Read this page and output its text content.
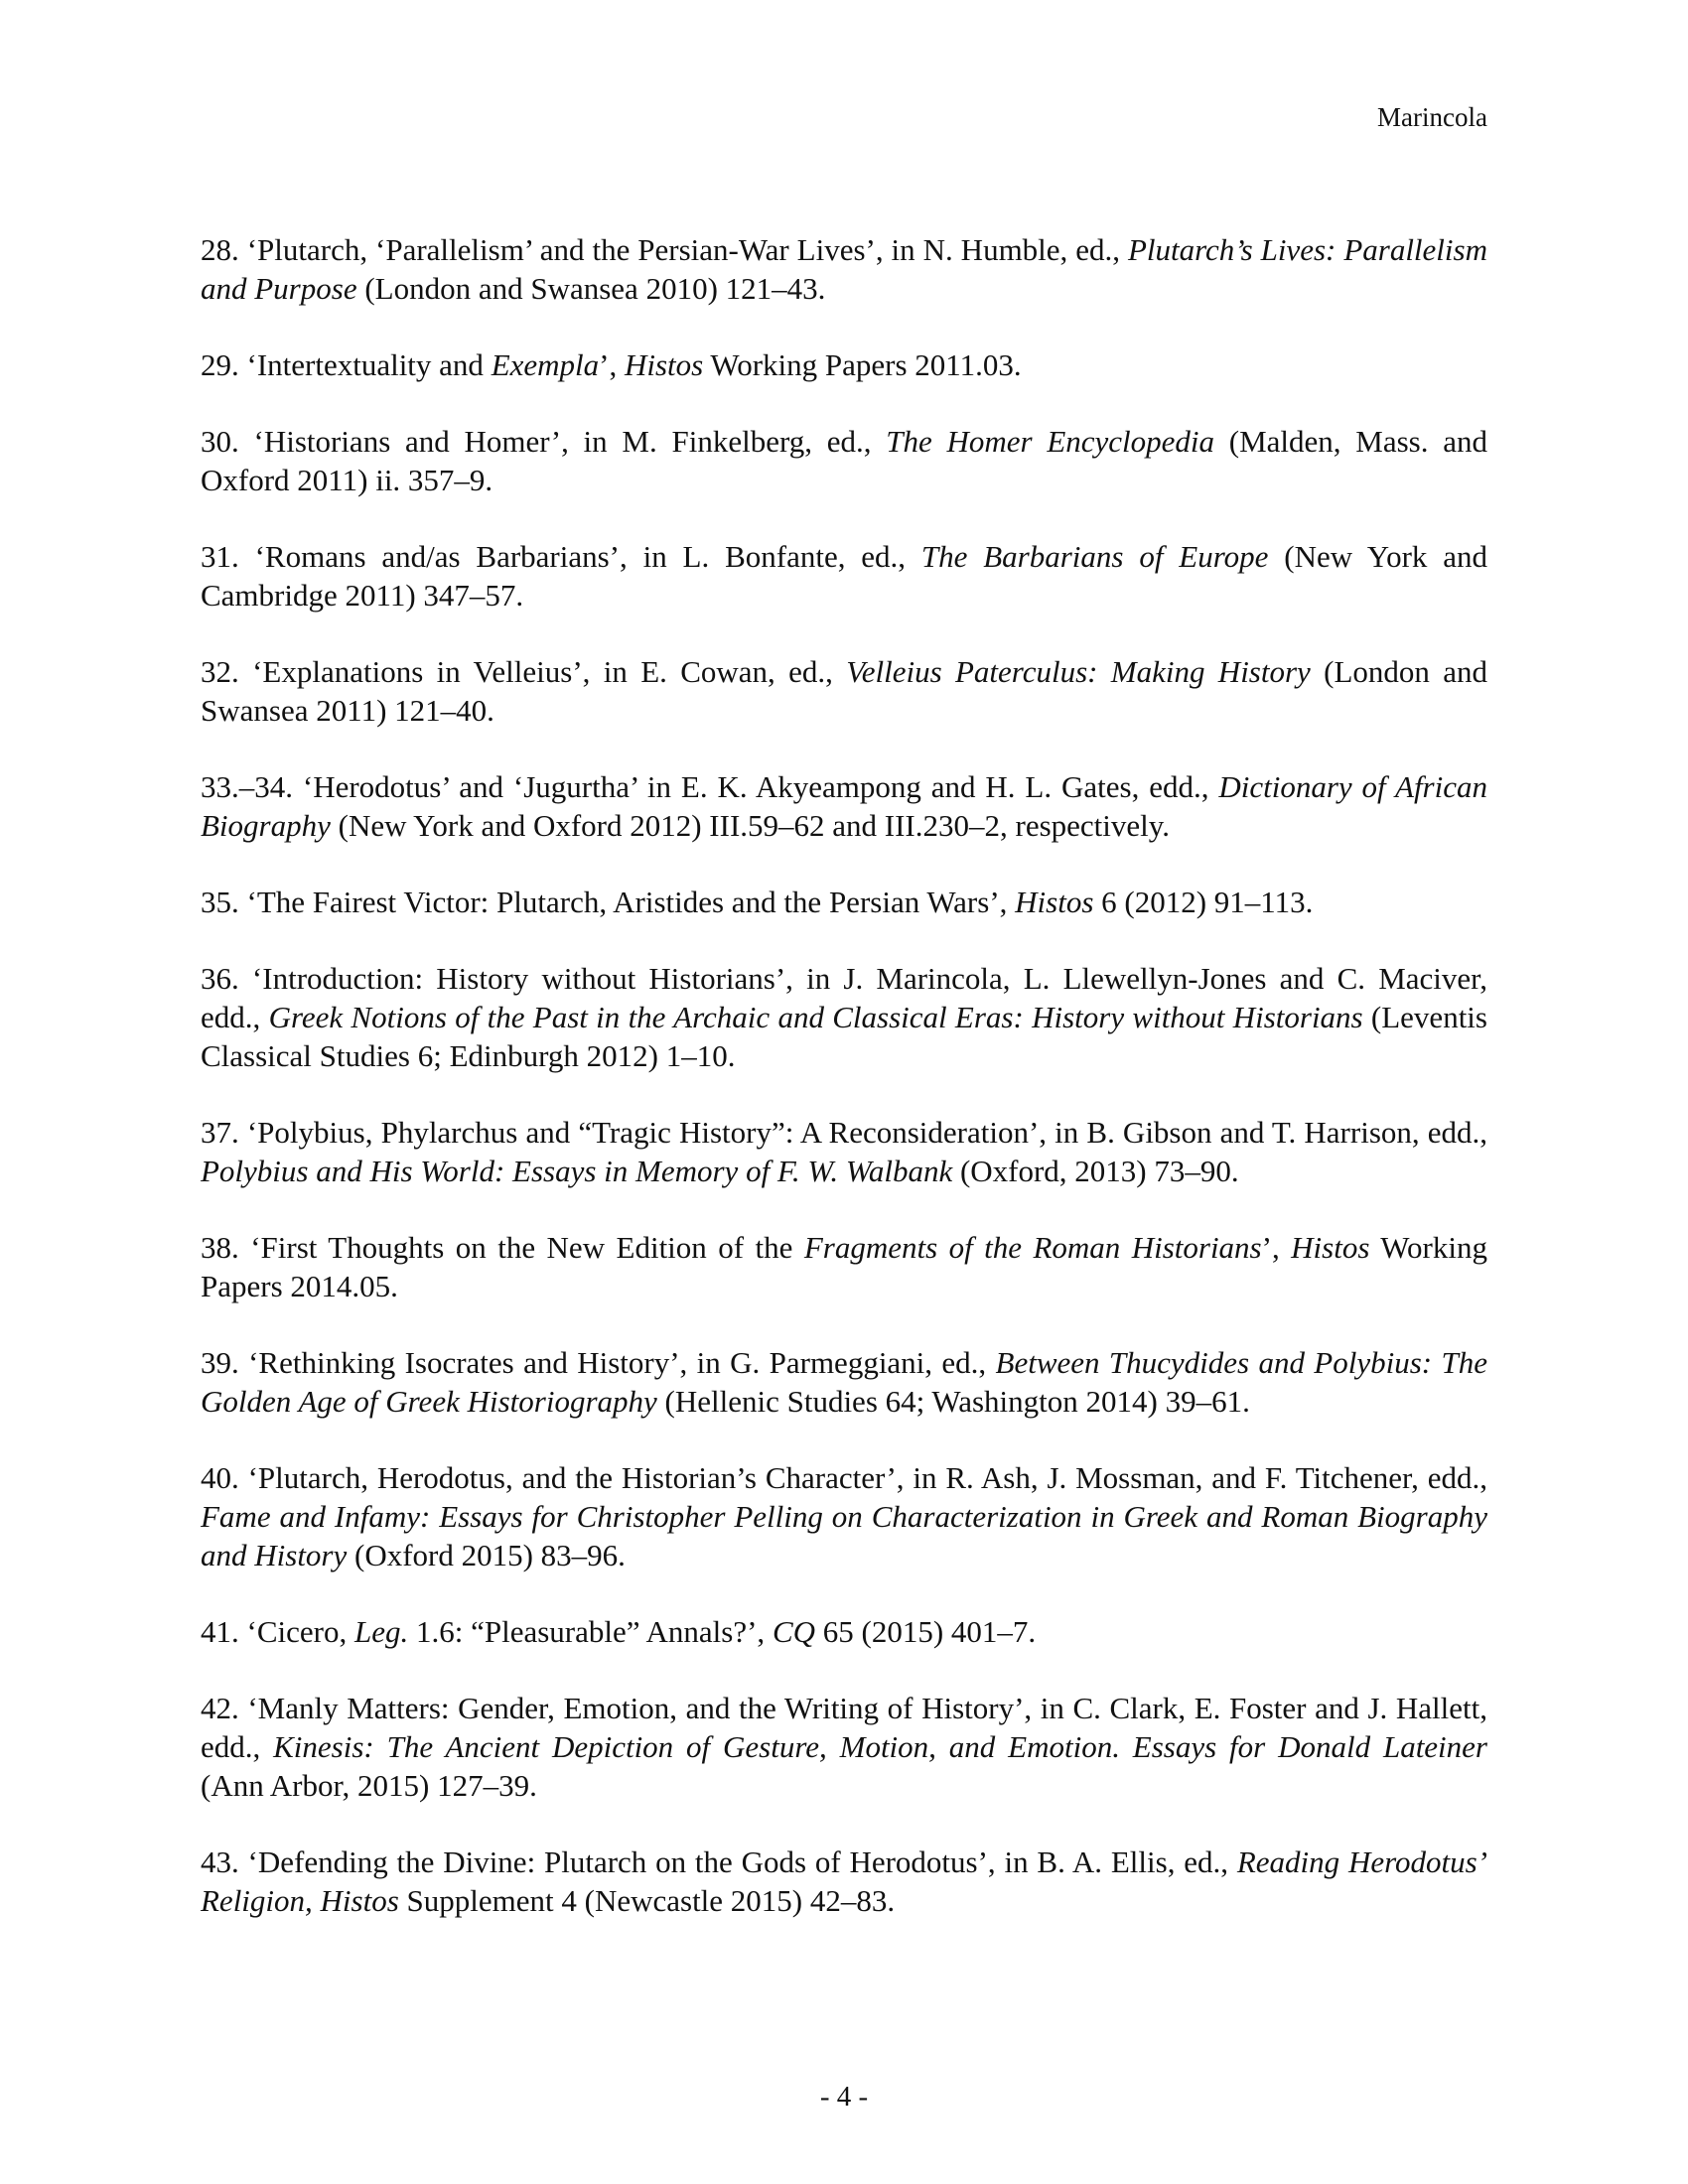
Marincola
28. ‘Plutarch, ‘Parallelism’ and the Persian-War Lives’, in N. Humble, ed., Plutarch’s Lives: Parallelism and Purpose (London and Swansea 2010) 121–43.
29. ‘Intertextuality and Exempla’, Histos Working Papers 2011.03.
30. ‘Historians and Homer’, in M. Finkelberg, ed., The Homer Encyclopedia (Malden, Mass. and Oxford 2011) ii. 357–9.
31. ‘Romans and/as Barbarians’, in L. Bonfante, ed., The Barbarians of Europe (New York and Cambridge 2011) 347–57.
32. ‘Explanations in Velleius’, in E. Cowan, ed., Velleius Paterculus: Making History (London and Swansea 2011) 121–40.
33.–34. ‘Herodotus’ and ‘Jugurtha’ in E. K. Akyeampong and H. L. Gates, edd., Dictionary of African Biography (New York and Oxford 2012) III.59–62 and III.230–2, respectively.
35. ‘The Fairest Victor: Plutarch, Aristides and the Persian Wars’, Histos 6 (2012) 91–113.
36. ‘Introduction: History without Historians’, in J. Marincola, L. Llewellyn-Jones and C. Maciver, edd., Greek Notions of the Past in the Archaic and Classical Eras: History without Historians (Leventis Classical Studies 6; Edinburgh 2012) 1–10.
37. ‘Polybius, Phylarchus and “Tragic History”: A Reconsideration’, in B. Gibson and T. Harrison, edd., Polybius and His World: Essays in Memory of F. W. Walbank (Oxford, 2013) 73–90.
38. ‘First Thoughts on the New Edition of the Fragments of the Roman Historians’, Histos Working Papers 2014.05.
39. ‘Rethinking Isocrates and History’, in G. Parmeggiani, ed., Between Thucydides and Polybius: The Golden Age of Greek Historiography (Hellenic Studies 64; Washington 2014) 39–61.
40. ‘Plutarch, Herodotus, and the Historian’s Character’, in R. Ash, J. Mossman, and F. Titchener, edd., Fame and Infamy: Essays for Christopher Pelling on Characterization in Greek and Roman Biography and History (Oxford 2015) 83–96.
41. ‘Cicero, Leg. 1.6: “Pleasurable” Annals?’, CQ 65 (2015) 401–7.
42. ‘Manly Matters: Gender, Emotion, and the Writing of History’, in C. Clark, E. Foster and J. Hallett, edd., Kinesis: The Ancient Depiction of Gesture, Motion, and Emotion. Essays for Donald Lateiner (Ann Arbor, 2015) 127–39.
43. ‘Defending the Divine: Plutarch on the Gods of Herodotus’, in B. A. Ellis, ed., Reading Herodotus’ Religion, Histos Supplement 4 (Newcastle 2015) 42–83.
- 4 -
